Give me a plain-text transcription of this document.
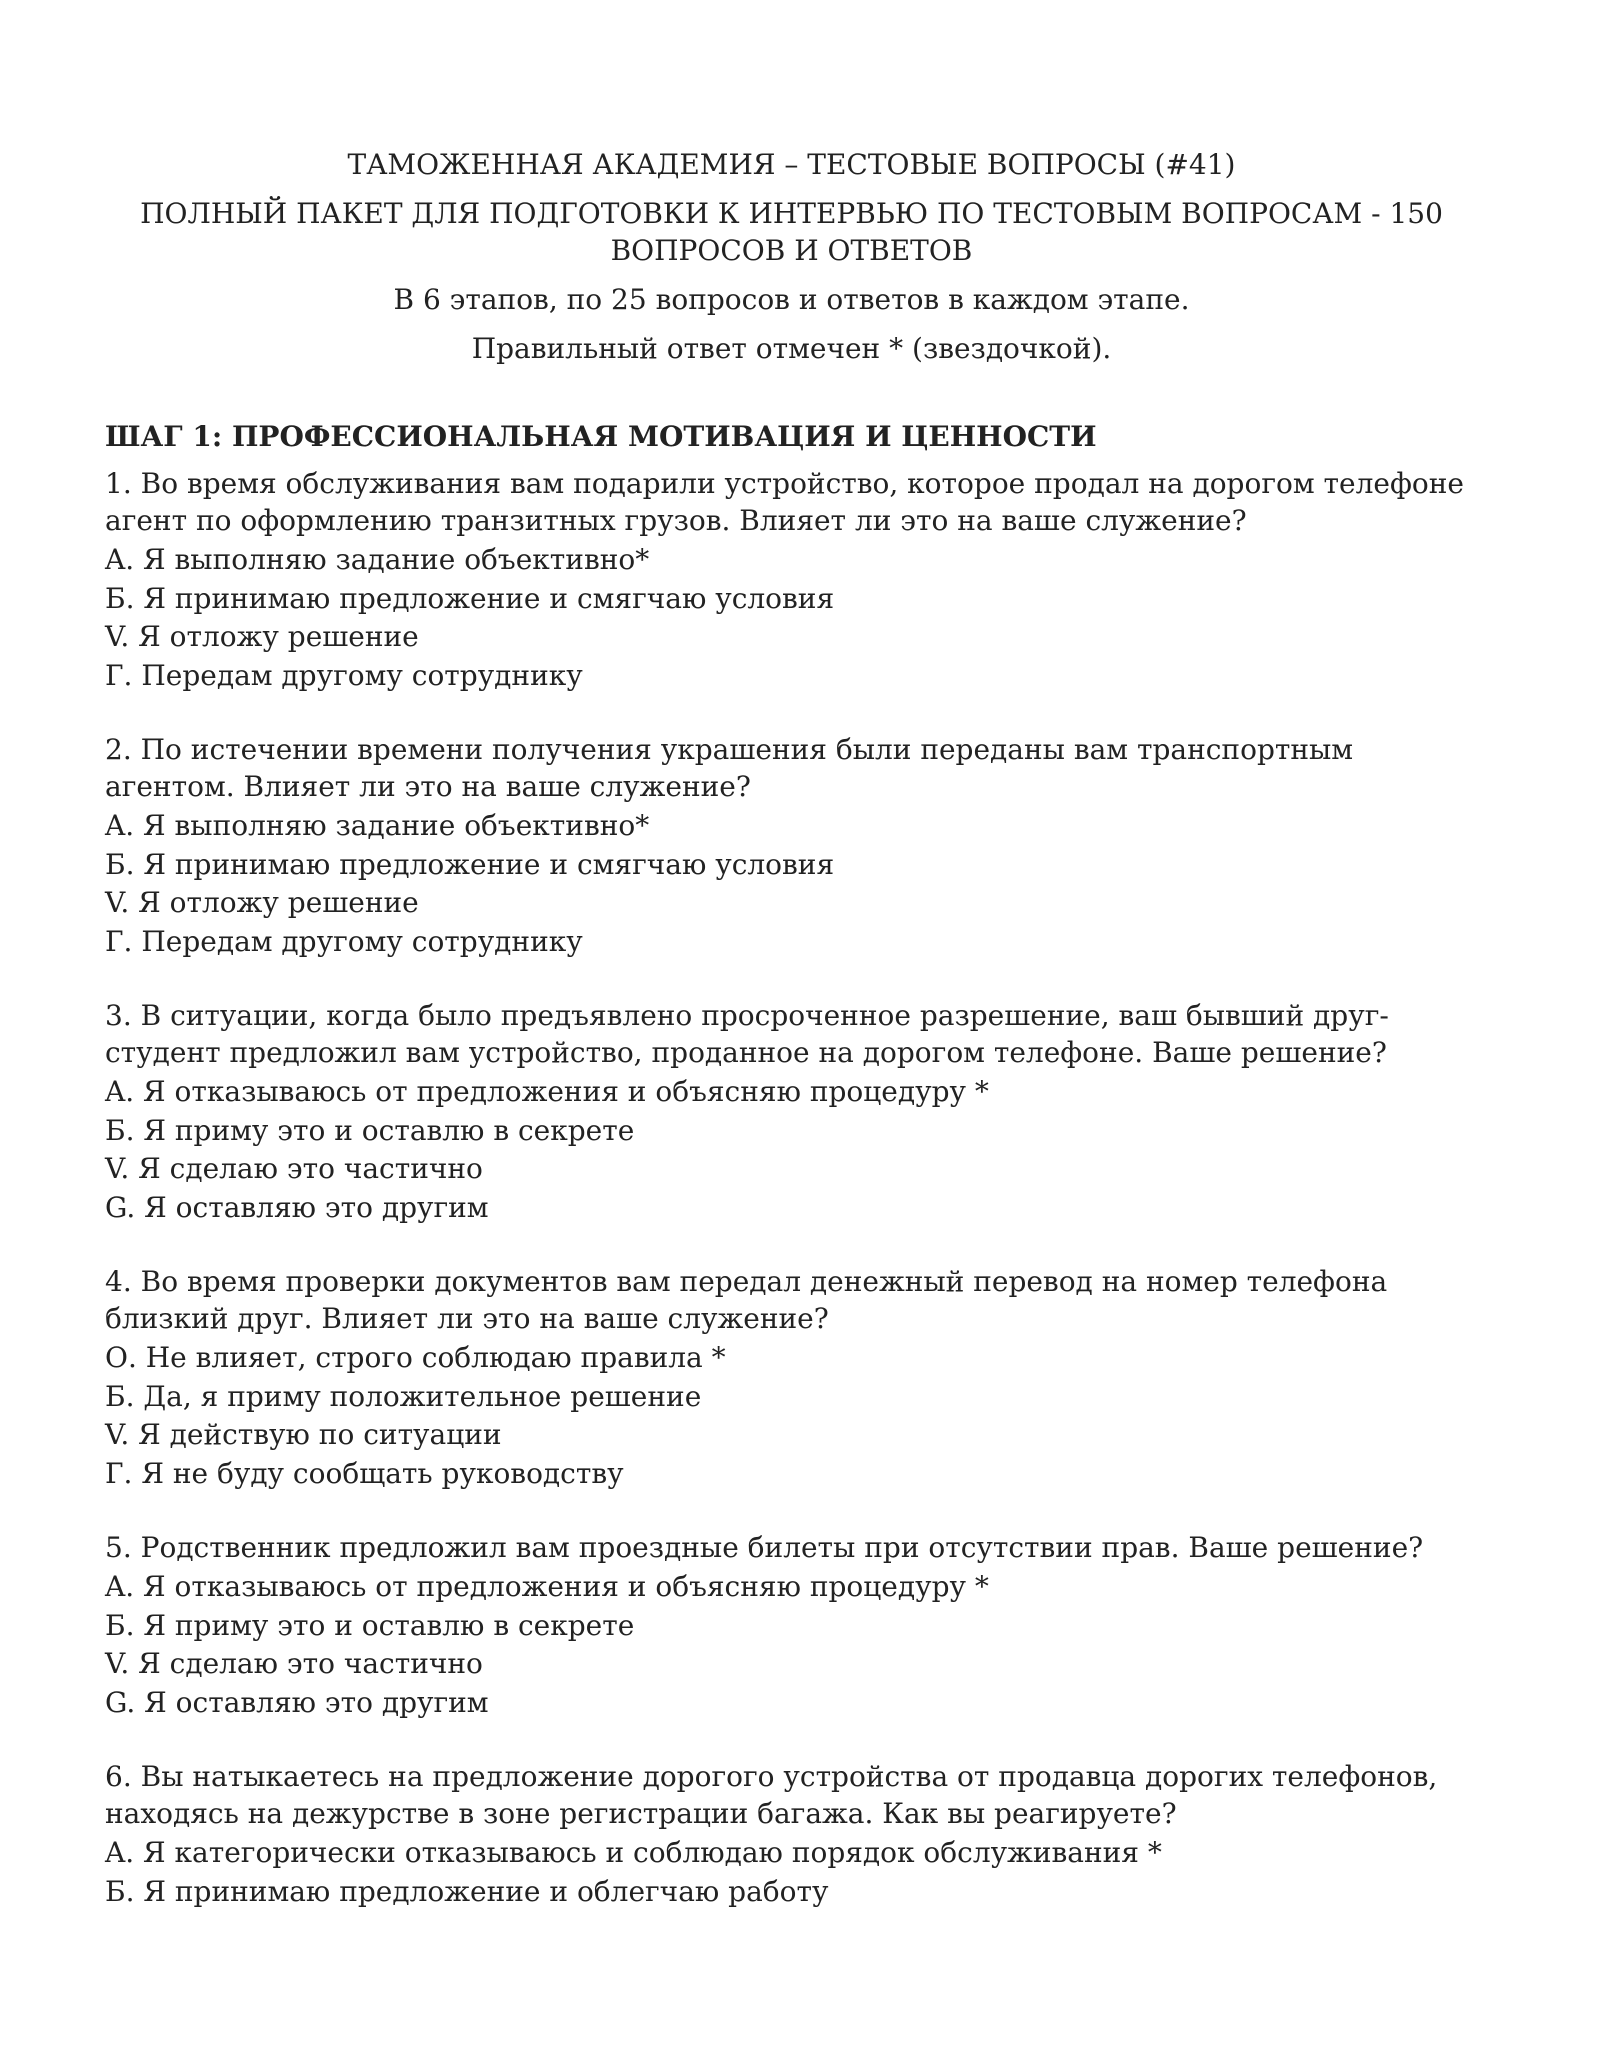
ТАМОЖЕННАЯ АКАДЕМИЯ – ТЕСТОВЫЕ ВОПРОСЫ (#41)

ПОЛНЫЙ ПАКЕТ ДЛЯ ПОДГОТОВКИ К ИНТЕРВЬЮ ПО ТЕСТОВЫМ ВОПРОСАМ - 150 ВОПРОСОВ И ОТВЕТОВ

В 6 этапов, по 25 вопросов и ответов в каждом этапе.

Правильный ответ отмечен * (звездочкой).

ШАГ 1: ПРОФЕССИОНАЛЬНАЯ МОТИВАЦИЯ И ЦЕННОСТИ

1. Во время обслуживания вам подарили устройство, которое продал на дорогом телефоне агент по оформлению транзитных грузов. Влияет ли это на ваше служение?

A. Я выполняю задание объективно*
Б. Я принимаю предложение и смягчаю условия
V. Я отложу решение
Г. Передам другому сотруднику

2. По истечении времени получения украшения были переданы вам транспортным агентом. Влияет ли это на ваше служение?

A. Я выполняю задание объективно*
Б. Я принимаю предложение и смягчаю условия
V. Я отложу решение
Г. Передам другому сотруднику

3. В ситуации, когда было предъявлено просроченное разрешение, ваш бывший друг-студент предложил вам устройство, проданное на дорогом телефоне. Ваше решение?

A. Я отказываюсь от предложения и объясняю процедуру *
Б. Я приму это и оставлю в секрете
V. Я сделаю это частично
G. Я оставляю это другим

4. Во время проверки документов вам передал денежный перевод на номер телефона близкий друг. Влияет ли это на ваше служение?

О. Не влияет, строго соблюдаю правила *
Б. Да, я приму положительное решение
V. Я действую по ситуации
Г. Я не буду сообщать руководству

5. Родственник предложил вам проездные билеты при отсутствии прав. Ваше решение?

A. Я отказываюсь от предложения и объясняю процедуру *
Б. Я приму это и оставлю в секрете
V. Я сделаю это частично
G. Я оставляю это другим

6. Вы натыкаетесь на предложение дорогого устройства от продавца дорогих телефонов, находясь на дежурстве в зоне регистрации багажа. Как вы реагируете?

A. Я категорически отказываюсь и соблюдаю порядок обслуживания *
Б. Я принимаю предложение и облегчаю работу
